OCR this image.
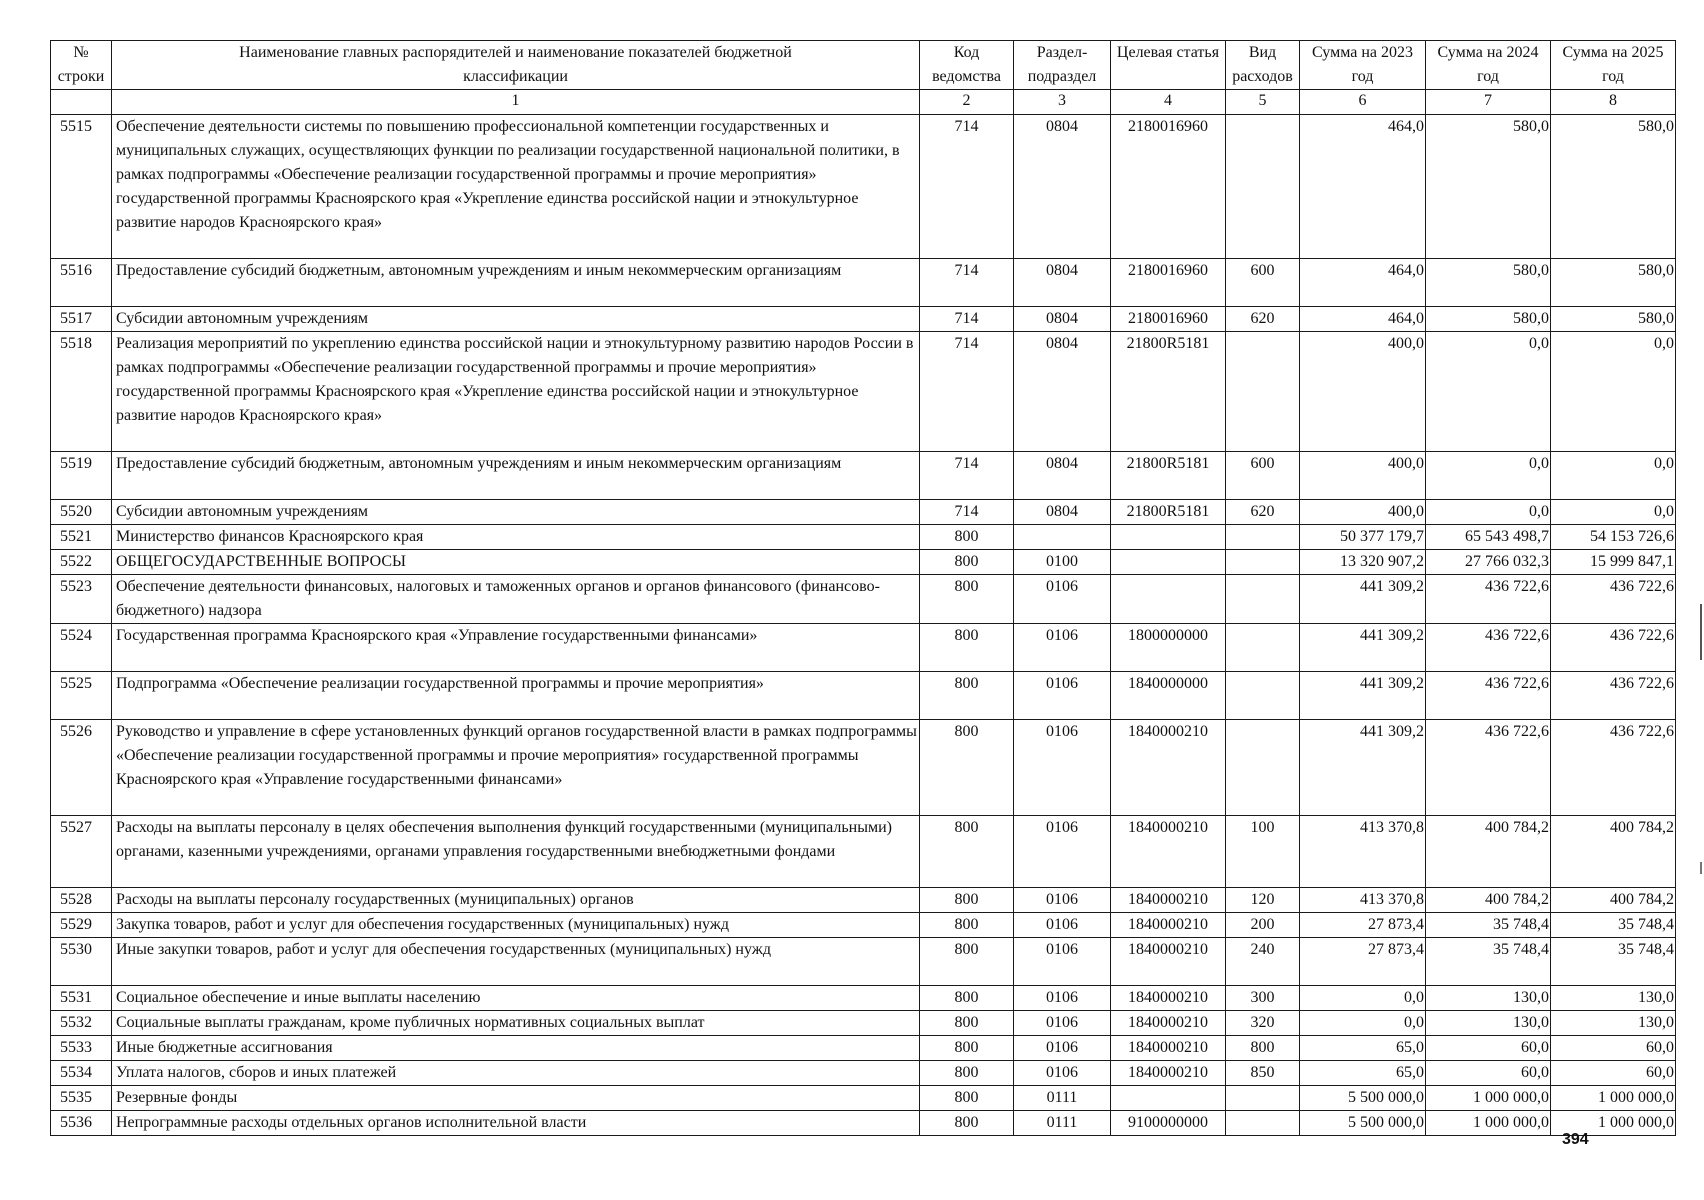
№ строки	Наименование главных распорядителей и наименование показателей бюджетной классификации	Код ведомства	Раздел- подраздел	Целевая статья	Вид расходов	Сумма на 2023 год	Сумма на 2024 год	Сумма на 2025 год
	1	2	3	4	5	6	7	8
5515	Обеспечение деятельности системы по повышению профессиональной компетенции государственных и муниципальных служащих, осуществляющих функции по реализации государственной национальной политики, в рамках подпрограммы «Обеспечение реализации государственной программы и прочие мероприятия» государственной программы Красноярского края «Укрепление единства российской нации и этнокультурное развитие народов Красноярского края»	714	0804	2180016960		464,0	580,0	580,0
5516	Предоставление субсидий бюджетным, автономным учреждениям и иным некоммерческим организациям	714	0804	2180016960	600	464,0	580,0	580,0
5517	Субсидии автономным учреждениям	714	0804	2180016960	620	464,0	580,0	580,0
5518	Реализация мероприятий по укреплению единства российской нации и этнокультурному развитию народов России в рамках подпрограммы «Обеспечение реализации государственной программы и прочие мероприятия» государственной программы Красноярского края «Укрепление единства российской нации и этнокультурное развитие народов Красноярского края»	714	0804	21800R5181		400,0	0,0	0,0
5519	Предоставление субсидий бюджетным, автономным учреждениям и иным некоммерческим организациям	714	0804	21800R5181	600	400,0	0,0	0,0
5520	Субсидии автономным учреждениям	714	0804	21800R5181	620	400,0	0,0	0,0
5521	Министерство финансов Красноярского края	800				50 377 179,7	65 543 498,7	54 153 726,6
5522	ОБЩЕГОСУДАРСТВЕННЫЕ ВОПРОСЫ	800	0100			13 320 907,2	27 766 032,3	15 999 847,1
5523	Обеспечение деятельности финансовых, налоговых и таможенных органов и органов финансового (финансово-бюджетного) надзора	800	0106			441 309,2	436 722,6	436 722,6
5524	Государственная программа Красноярского края «Управление государственными финансами»	800	0106	1800000000		441 309,2	436 722,6	436 722,6
5525	Подпрограмма «Обеспечение реализации государственной программы и прочие мероприятия»	800	0106	1840000000		441 309,2	436 722,6	436 722,6
5526	Руководство и управление в сфере установленных функций органов государственной власти в рамках подпрограммы «Обеспечение реализации государственной программы и прочие мероприятия» государственной программы Красноярского края «Управление государственными финансами»	800	0106	1840000210		441 309,2	436 722,6	436 722,6
5527	Расходы на выплаты персоналу в целях обеспечения выполнения функций государственными (муниципальными) органами, казенными учреждениями, органами управления государственными внебюджетными фондами	800	0106	1840000210	100	413 370,8	400 784,2	400 784,2
5528	Расходы на выплаты персоналу государственных (муниципальных) органов	800	0106	1840000210	120	413 370,8	400 784,2	400 784,2
5529	Закупка товаров, работ и услуг для обеспечения государственных (муниципальных) нужд	800	0106	1840000210	200	27 873,4	35 748,4	35 748,4
5530	Иные закупки товаров, работ и услуг для обеспечения государственных (муниципальных) нужд	800	0106	1840000210	240	27 873,4	35 748,4	35 748,4
5531	Социальное обеспечение и иные выплаты населению	800	0106	1840000210	300	0,0	130,0	130,0
5532	Социальные выплаты гражданам, кроме публичных нормативных социальных выплат	800	0106	1840000210	320	0,0	130,0	130,0
5533	Иные бюджетные ассигнования	800	0106	1840000210	800	65,0	60,0	60,0
5534	Уплата налогов, сборов и иных платежей	800	0106	1840000210	850	65,0	60,0	60,0
5535	Резервные фонды	800	0111			5 500 000,0	1 000 000,0	1 000 000,0
5536	Непрограммные расходы отдельных органов исполнительной власти	800	0111	9100000000		5 500 000,0	1 000 000,0	1 000 000,0
394
